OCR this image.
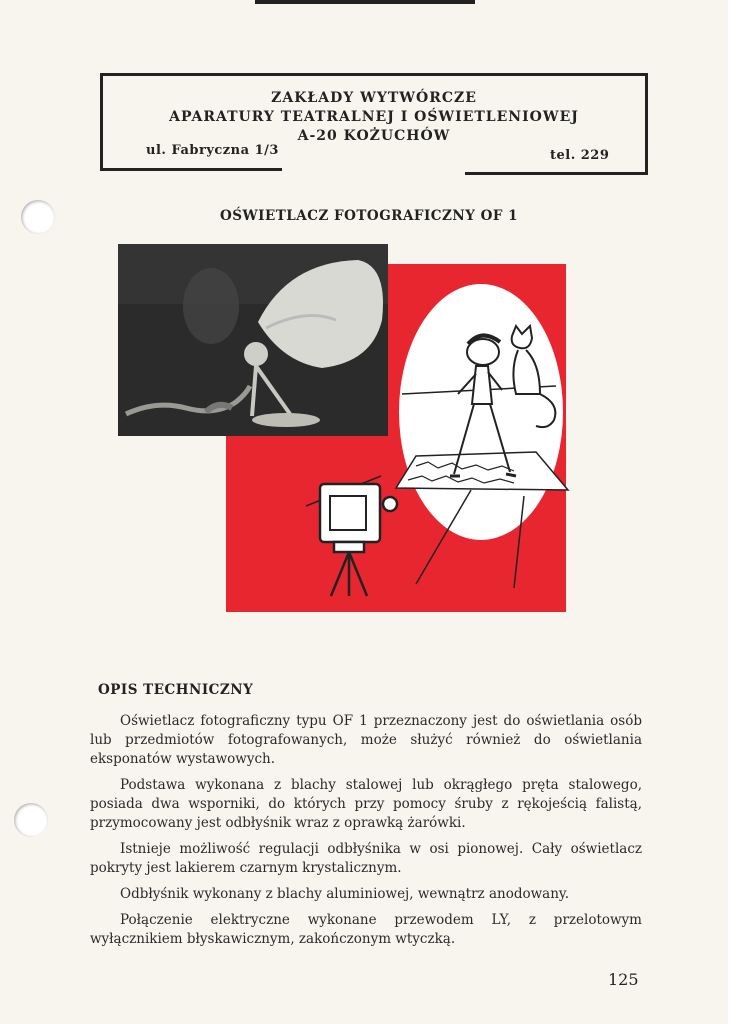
ZAKŁADY WYTWÓRCZE
APARATURY TEATRALNEJ I OŚWIETLENIOWEJ
A-20 KOŻUCHÓW
ul. Fabryczna 1/3	tel. 229
OŚWIETLACZ FOTOGRAFICZNY OF 1
OPIS TECHNICZNY

Oświetlacz fotograficzny typu OF 1 przeznaczony jest do oświetlania osób lub przedmiotów fotografowanych, może służyć również do oświetlania eksponatów wystawowych.

Podstawa wykonana z blachy stalowej lub okrągłego pręta stalowego, posiada dwa wsporniki, do których przy pomocy śruby z rękojeścią falistą, przymocowany jest odbłyśnik wraz z oprawką żarówki.

Istnieje możliwość regulacji odbłyśnika w osi pionowej. Cały oświetlacz pokryty jest lakierem czarnym krystalicznym.

Odbłyśnik wykonany z blachy aluminiowej, wewnątrz anodowany.

Połączenie elektryczne wykonane przewodem LY, z przelotowym wyłącznikiem błyskawicznym, zakończonym wtyczką.

125
